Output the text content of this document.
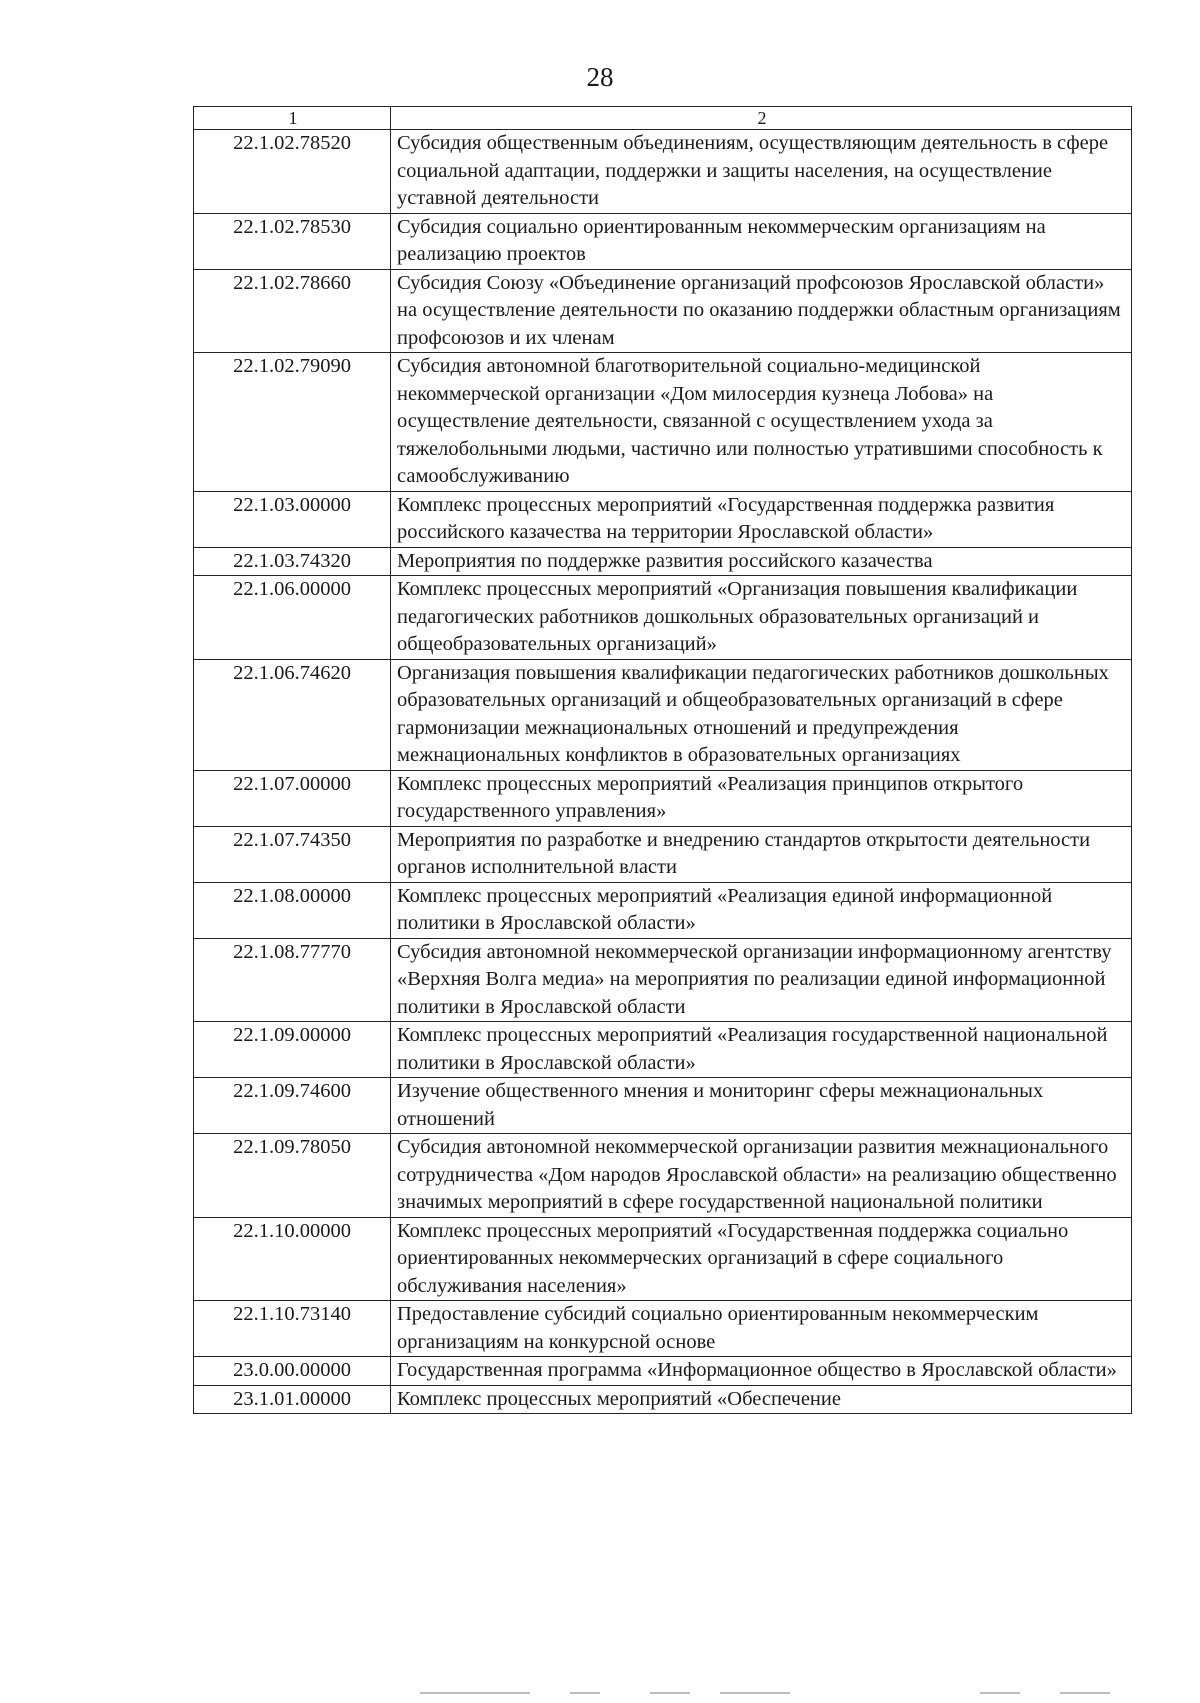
28
1	2
22.1.02.78520	Субсидия общественным объединениям, осуществляющим деятельность в сфере социальной адаптации, поддержки и защиты населения, на осуществление уставной деятельности
22.1.02.78530	Субсидия социально ориентированным некоммерческим организациям на реализацию проектов
22.1.02.78660	Субсидия Союзу «Объединение организаций профсоюзов Ярославской области» на осуществление деятельности по оказанию поддержки областным организациям профсоюзов и их членам
22.1.02.79090	Субсидия автономной благотворительной социально-медицинской некоммерческой организации «Дом милосердия кузнеца Лобова» на осуществление деятельности, связанной с осуществлением ухода за тяжелобольными людьми, частично или полностью утратившими способность к самообслуживанию
22.1.03.00000	Комплекс процессных мероприятий «Государственная поддержка развития российского казачества на территории Ярославской области»
22.1.03.74320	Мероприятия по поддержке развития российского казачества
22.1.06.00000	Комплекс процессных мероприятий «Организация повышения квалификации педагогических работников дошкольных образовательных организаций и общеобразовательных организаций»
22.1.06.74620	Организация повышения квалификации педагогических работников дошкольных образовательных организаций и общеобразовательных организаций в сфере гармонизации межнациональных отношений и предупреждения межнациональных конфликтов в образовательных организациях
22.1.07.00000	Комплекс процессных мероприятий «Реализация принципов открытого государственного управления»
22.1.07.74350	Мероприятия по разработке и внедрению стандартов открытости деятельности органов исполнительной власти
22.1.08.00000	Комплекс процессных мероприятий «Реализация единой информационной политики в Ярославской области»
22.1.08.77770	Субсидия автономной некоммерческой организации информационному агентству «Верхняя Волга медиа» на мероприятия по реализации единой информационной политики в Ярославской области
22.1.09.00000	Комплекс процессных мероприятий «Реализация государственной национальной политики в Ярославской области»
22.1.09.74600	Изучение общественного мнения и мониторинг сферы межнациональных отношений
22.1.09.78050	Субсидия автономной некоммерческой организации развития межнационального сотрудничества «Дом народов Ярославской области» на реализацию общественно значимых мероприятий в сфере государственной национальной политики
22.1.10.00000	Комплекс процессных мероприятий «Государственная поддержка социально ориентированных некоммерческих организаций в сфере социального обслуживания населения»
22.1.10.73140	Предоставление субсидий социально ориентированным некоммерческим организациям на конкурсной основе
23.0.00.00000	Государственная программа «Информационное общество в Ярославской области»
23.1.01.00000	Комплекс процессных мероприятий «Обеспечение
